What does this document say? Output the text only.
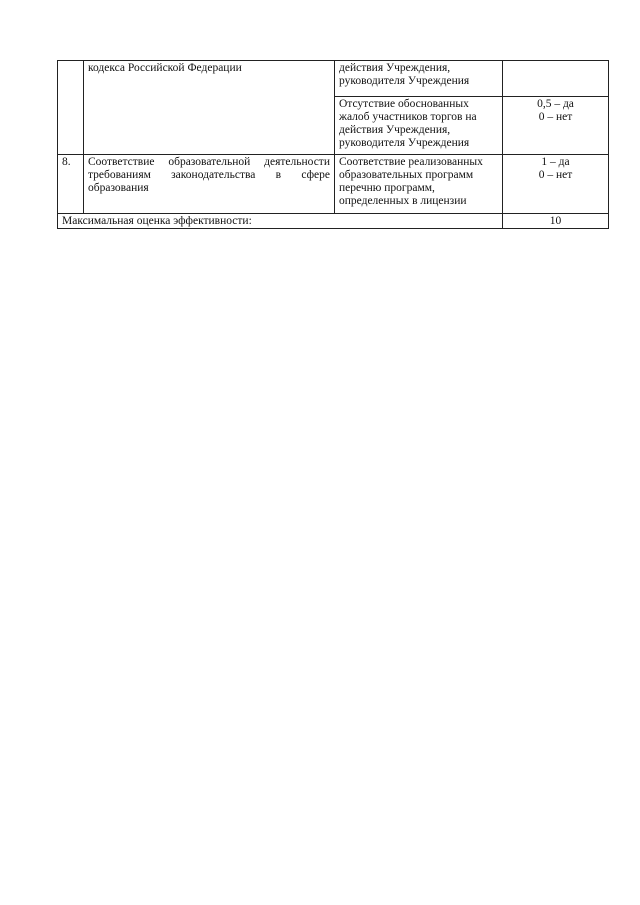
	кодекса Российской Федерации	действия Учреждения, руководителя Учреждения	
		Отсутствие обоснованных жалоб участников торгов на действия Учреждения, руководителя Учреждения	0,5 – да
0 – нет

8.	Соответствие образовательной деятельности требованиям законодательства в сфере образования	Соответствие реализованных образовательных программ перечню программ, определенных в лицензии	1 – да
0 – нет

Максимальная оценка эффективности:			10
